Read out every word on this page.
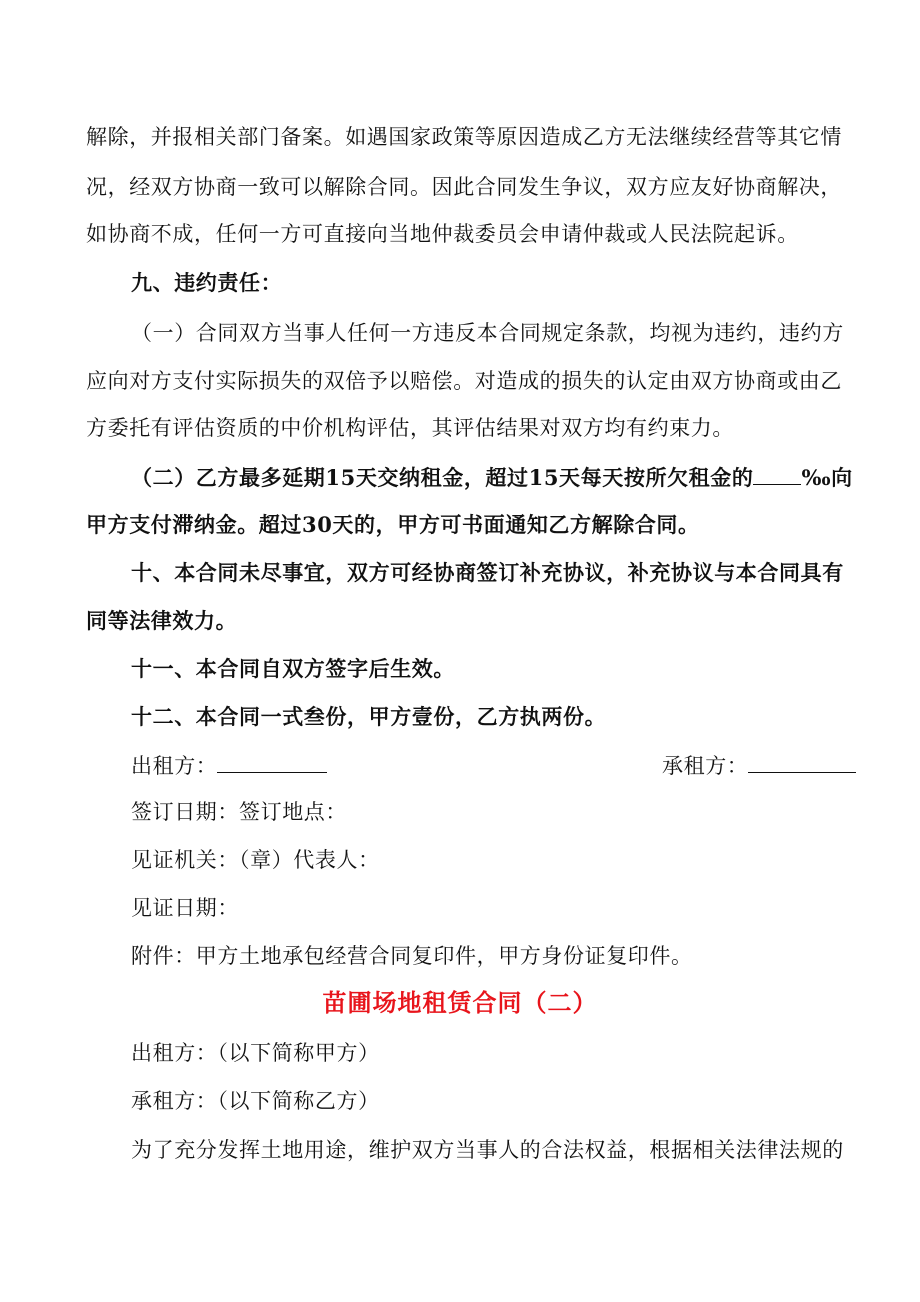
解除，并报相关部门备案。如遇国家政策等原因造成乙方无法继续经营等其它情
况，经双方协商一致可以解除合同。因此合同发生争议，双方应友好协商解决，
如协商不成，任何一方可直接向当地仲裁委员会申请仲裁或人民法院起诉。
九、违约责任：
（一）合同双方当事人任何一方违反本合同规定条款，均视为违约，违约方
应向对方支付实际损失的双倍予以赔偿。对造成的损失的认定由双方协商或由乙
方委托有评估资质的中价机构评估，其评估结果对双方均有约束力。
（二）乙方最多延期15天交纳租金，超过15天每天按所欠租金的 ‰向
甲方支付滞纳金。超过30天的，甲方可书面通知乙方解除合同。
十、本合同未尽事宜，双方可经协商签订补充协议，补充协议与本合同具有
同等法律效力。
十一、本合同自双方签字后生效。
十二、本合同一式叁份，甲方壹份，乙方执两份。
出租方：	承租方：
签订日期：签订地点：
见证机关：（章）代表人：
见证日期：
附件：甲方土地承包经营合同复印件，甲方身份证复印件。
苗圃场地租赁合同（二）
出租方：（以下简称甲方）
承租方：（以下简称乙方）
为了充分发挥土地用途，维护双方当事人的合法权益，根据相关法律法规的
